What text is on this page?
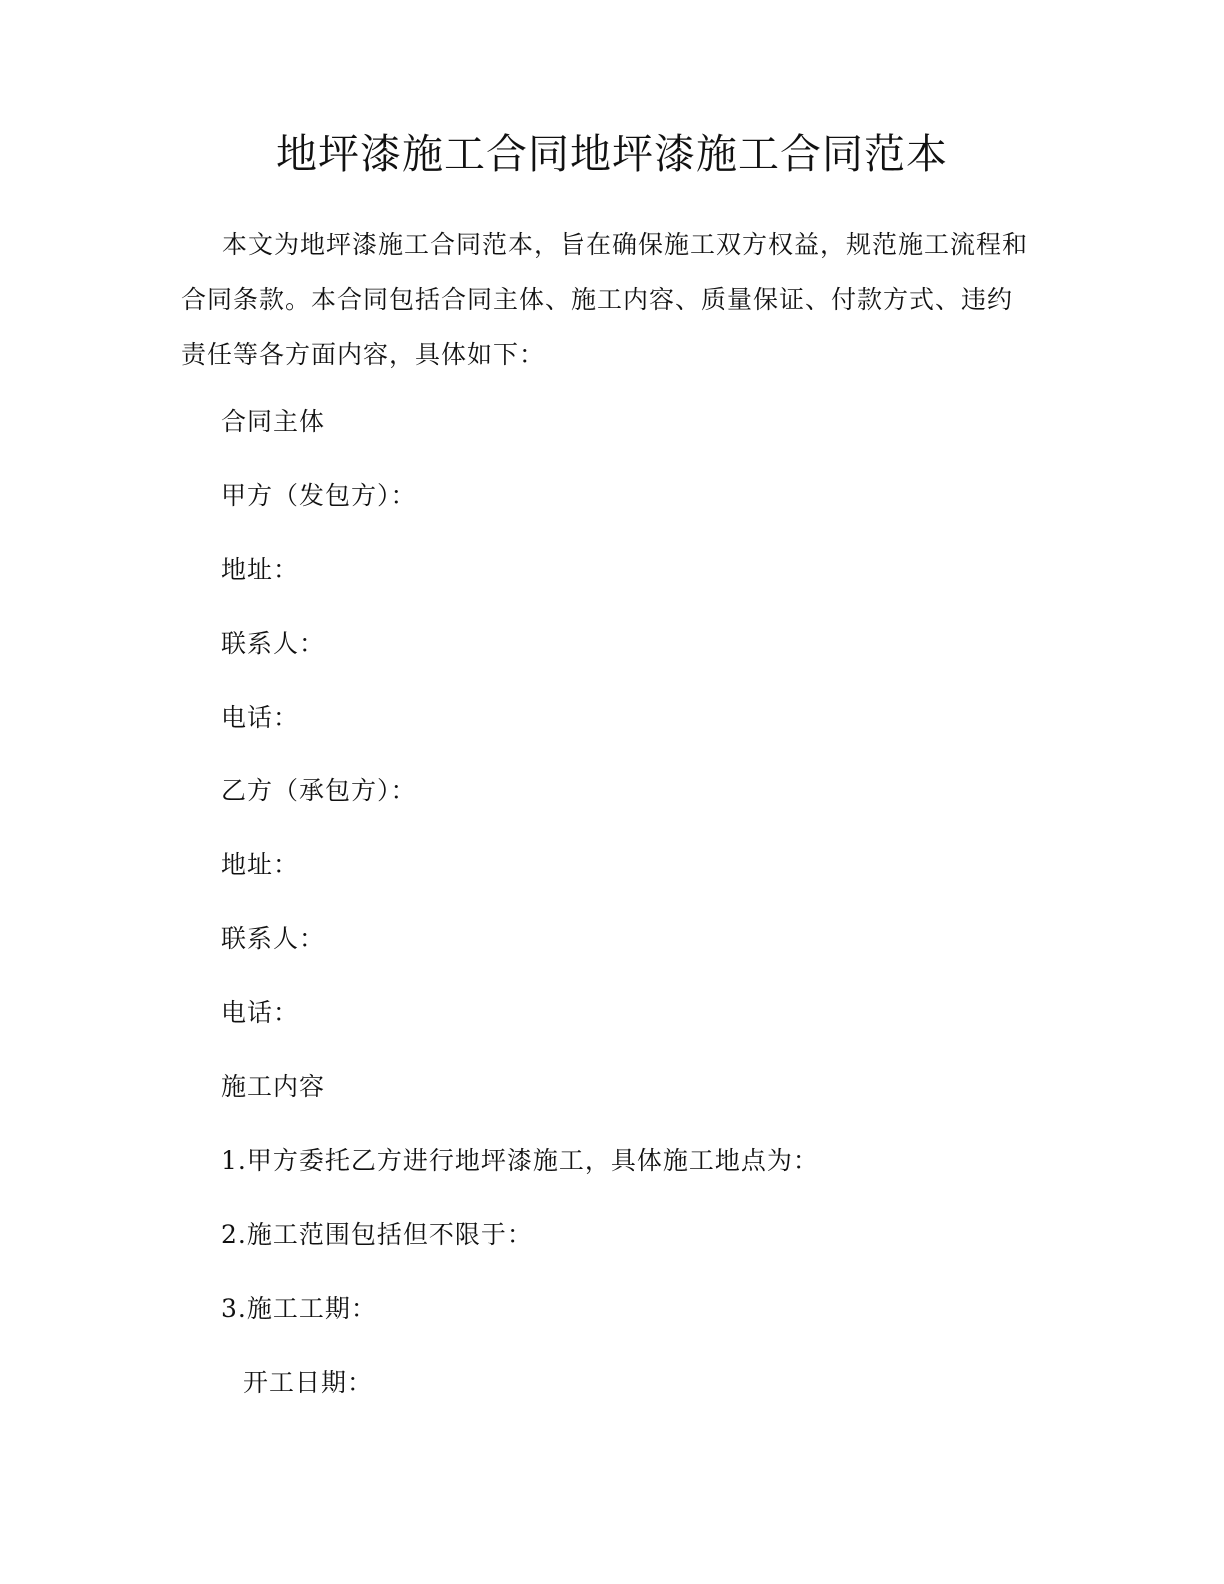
地坪漆施工合同地坪漆施工合同范本

本文为地坪漆施工合同范本，旨在确保施工双方权益，规范施工流程和合同条款。本合同包括合同主体、施工内容、质量保证、付款方式、违约责任等各方面内容，具体如下：

合同主体

甲方（发包方）：

地址：

联系人：

电话：

乙方（承包方）：

地址：

联系人：

电话：

施工内容

1.甲方委托乙方进行地坪漆施工，具体施工地点为：

2.施工范围包括但不限于：

3.施工工期：

开工日期：
